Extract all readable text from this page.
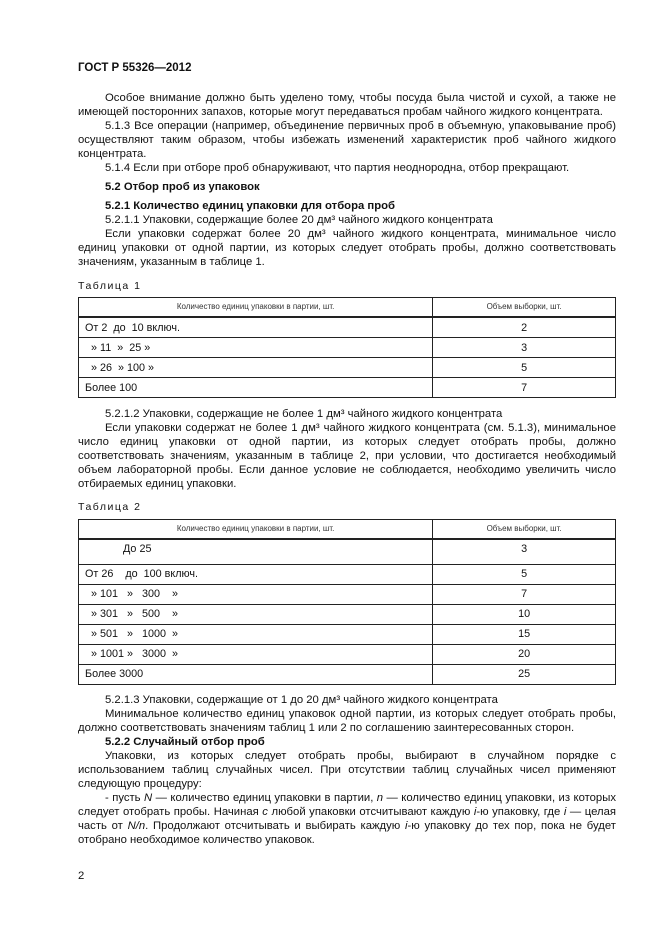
ГОСТ Р 55326—2012

Особое внимание должно быть уделено тому, чтобы посуда была чистой и сухой, а также не имеющей посторонних запахов, которые могут передаваться пробам чайного жидкого концентрата.

5.1.3 Все операции (например, объединение первичных проб в объемную, упаковывание проб) осуществляют таким образом, чтобы избежать изменений характеристик проб чайного жидкого концентрата.

5.1.4 Если при отборе проб обнаруживают, что партия неоднородна, отбор прекращают.

5.2 Отбор проб из упаковок

5.2.1 Количество единиц упаковки для отбора проб

5.2.1.1 Упаковки, содержащие более 20 дм³ чайного жидкого концентрата

Если упаковки содержат более 20 дм³ чайного жидкого концентрата, минимальное число единиц упаковки от одной партии, из которых следует отобрать пробы, должно соответствовать значениям, указанным в таблице 1.

Таблица 1
Количество единиц упаковки в партии, шт.	Объем выборки, шт.
От 2  до  10 включ.	2
» 11  »  25 »	3
» 26  » 100 »	5
Более 100	7

5.2.1.2 Упаковки, содержащие не более 1 дм³ чайного жидкого концентрата

Если упаковки содержат не более 1 дм³ чайного жидкого концентрата (см. 5.1.3), минимальное число единиц упаковки от одной партии, из которых следует отобрать пробы, должно соответствовать значениям, указанным в таблице 2, при условии, что достигается необходимый объем лабораторной пробы. Если данное условие не соблюдается, необходимо увеличить число отбираемых единиц упаковки.

Таблица 2
Количество единиц упаковки в партии, шт.	Объем выборки, шт.
До 25	3
От 26    до  100 включ.	5
» 101   »   300    »	7
» 301   »   500    »	10
» 501   »   1000  »	15
» 1001 »   3000  »	20
Более 3000	25

5.2.1.3 Упаковки, содержащие от 1 до 20 дм³ чайного жидкого концентрата

Минимальное количество единиц упаковок одной партии, из которых следует отобрать пробы, должно соответствовать значениям таблиц 1 или 2 по соглашению заинтересованных сторон.

5.2.2 Случайный отбор проб

Упаковки, из которых следует отобрать пробы, выбирают в случайном порядке с использованием таблиц случайных чисел. При отсутствии таблиц случайных чисел применяют следующую процедуру:

- пусть N — количество единиц упаковки в партии, n — количество единиц упаковки, из которых следует отобрать пробы. Начиная c любой упаковки отсчитывают каждую i-ю упаковку, где i — целая часть от N/n. Продолжают отсчитывать и выбирать каждую i-ю упаковку до тех пор, пока не будет отобрано необходимое количество упаковок.

2
